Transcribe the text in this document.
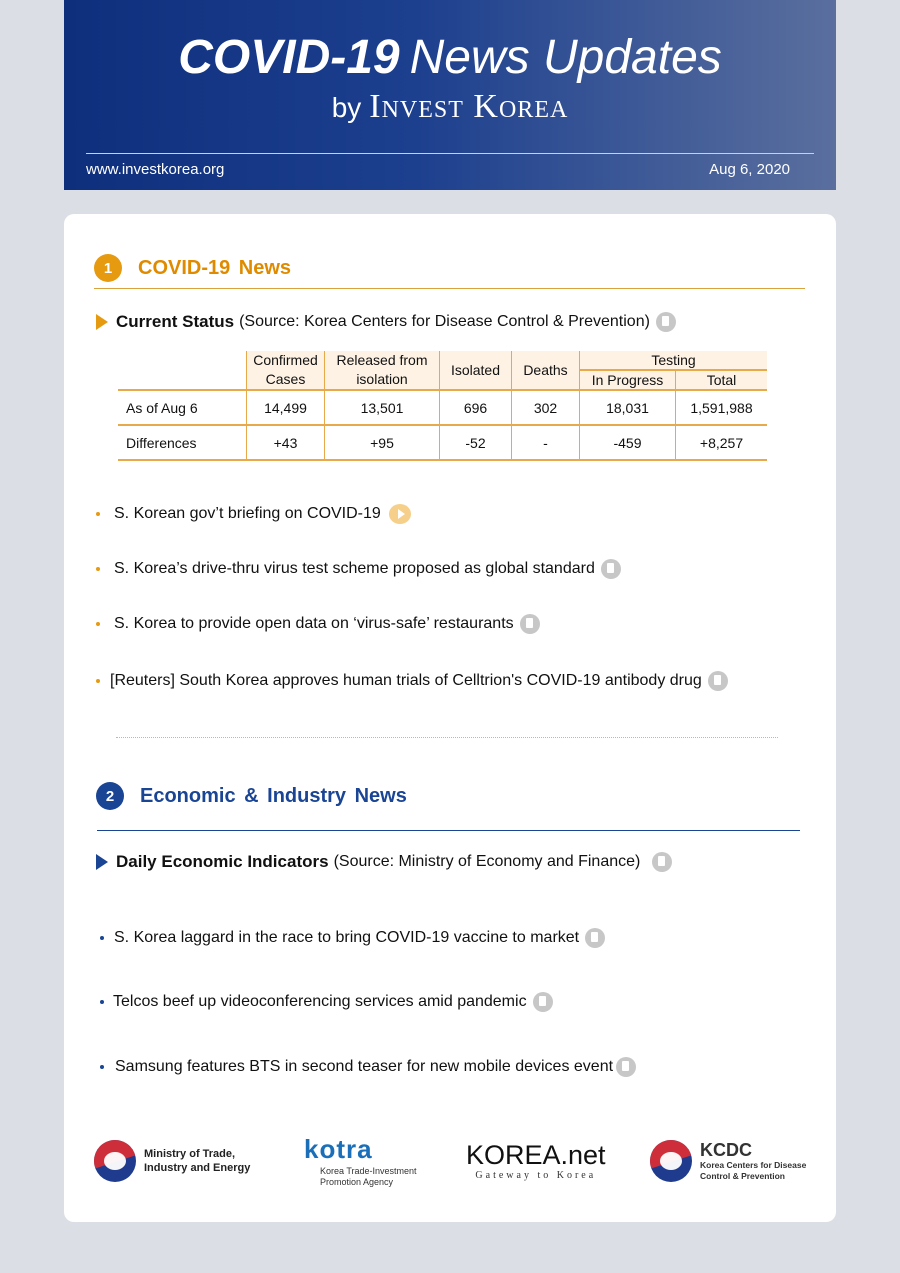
COVID-19 News Updates
by Invest Korea
www.investkorea.org	Aug 6, 2020
1	COVID-19 News
Current Status (Source: Korea Centers for Disease Control & Prevention)
	Confirmed Cases	Released from isolation	Isolated	Deaths	Testing	
					In Progress	Total
As of Aug 6	14,499	13,501	696	302	18,031	1,591,988
Differences	+43	+95	-52	-	-459	+8,257
S. Korean gov’t briefing on COVID-19
S. Korea’s drive-thru virus test scheme proposed as global standard
S. Korea to provide open data on ‘virus-safe’ restaurants
[Reuters] South Korea approves human trials of Celltrion's COVID-19 antibody drug
2	Economic & Industry News
Daily Economic Indicators (Source: Ministry of Economy and Finance)
S. Korea laggard in the race to bring COVID-19 vaccine to market
Telcos beef up videoconferencing services amid pandemic
Samsung features BTS in second teaser for new mobile devices event
Ministry of Trade,
Industry and Energy
kotra
Korea Trade-Investment
Promotion Agency
KOREA.net
Gateway to Korea
KCDC
Korea Centers for Disease
Control & Prevention
